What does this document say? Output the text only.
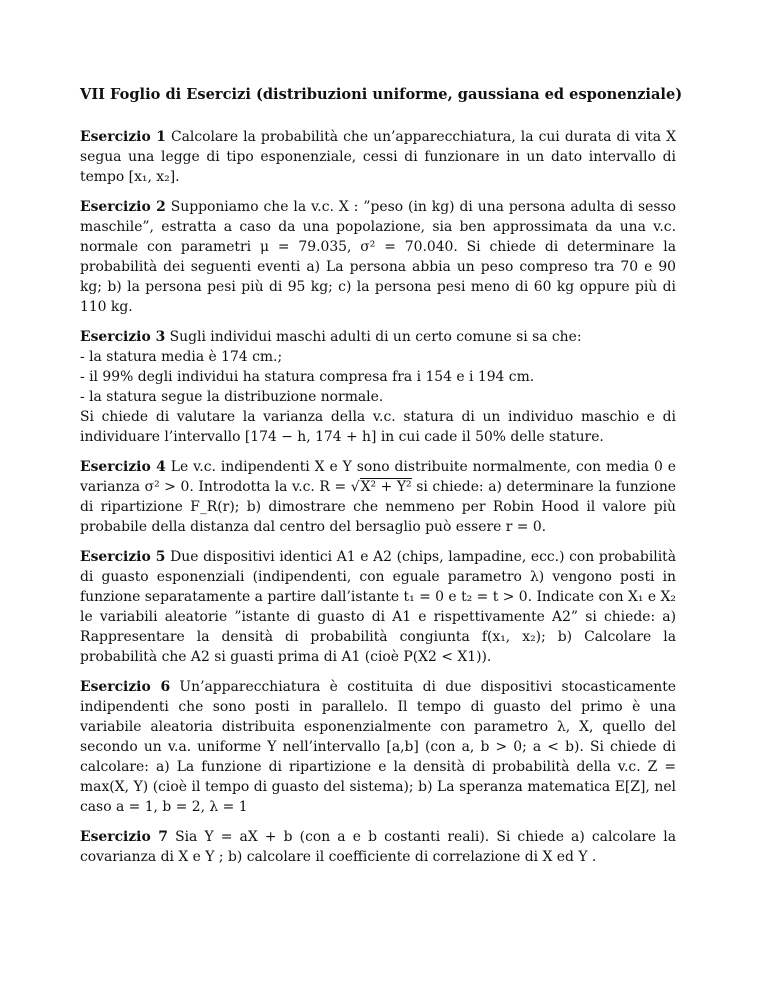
VII Foglio di Esercizi (distribuzioni uniforme, gaussiana ed esponenziale)

Esercizio 1 Calcolare la probabilità che un’apparecchiatura, la cui durata di vita X segua una legge di tipo esponenziale, cessi di funzionare in un dato intervallo di tempo [x₁, x₂].

Esercizio 2 Supponiamo che la v.c. X : ”peso (in kg) di una persona adulta di sesso maschile”, estratta a caso da una popolazione, sia ben approssimata da una v.c. normale con parametri μ = 79.035, σ² = 70.040. Si chiede di determinare la probabilità dei seguenti eventi a) La persona abbia un peso compreso tra 70 e 90 kg; b) la persona pesi più di 95 kg; c) la persona pesi meno di 60 kg oppure più di 110 kg.

Esercizio 3 Sugli individui maschi adulti di un certo comune si sa che:
- la statura media è 174 cm.;
- il 99% degli individui ha statura compresa fra i 154 e i 194 cm.
- la statura segue la distribuzione normale.
Si chiede di valutare la varianza della v.c. statura di un individuo maschio e di individuare l’intervallo [174 − h, 174 + h] in cui cade il 50% delle stature.

Esercizio 4 Le v.c. indipendenti X e Y sono distribuite normalmente, con media 0 e varianza σ² > 0. Introdotta la v.c. R = √X² + Y² si chiede: a) determinare la funzione di ripartizione F_R(r); b) dimostrare che nemmeno per Robin Hood il valore più probabile della distanza dal centro del bersaglio può essere r = 0.

Esercizio 5 Due dispositivi identici A1 e A2 (chips, lampadine, ecc.) con probabilità di guasto esponenziali (indipendenti, con eguale parametro λ) vengono posti in funzione separatamente a partire dall’istante t₁ = 0 e t₂ = t > 0. Indicate con X₁ e X₂ le variabili aleatorie ”istante di guasto di A1 e rispettivamente A2” si chiede: a) Rappresentare la densità di probabilità congiunta f(x₁, x₂); b) Calcolare la probabilità che A2 si guasti prima di A1 (cioè P(X2 < X1)).

Esercizio 6 Un’apparecchiatura è costituita di due dispositivi stocasticamente indipendenti che sono posti in parallelo. Il tempo di guasto del primo è una variabile aleatoria distribuita esponenzialmente con parametro λ, X, quello del secondo un v.a. uniforme Y nell’intervallo [a,b] (con a, b > 0; a < b). Si chiede di calcolare: a) La funzione di ripartizione e la densità di probabilità della v.c. Z = max(X, Y) (cioè il tempo di guasto del sistema); b) La speranza matematica E[Z], nel caso a = 1, b = 2, λ = 1

Esercizio 7 Sia Y = aX + b (con a e b costanti reali). Si chiede a) calcolare la covarianza di X e Y ; b) calcolare il coefficiente di correlazione di X ed Y .
